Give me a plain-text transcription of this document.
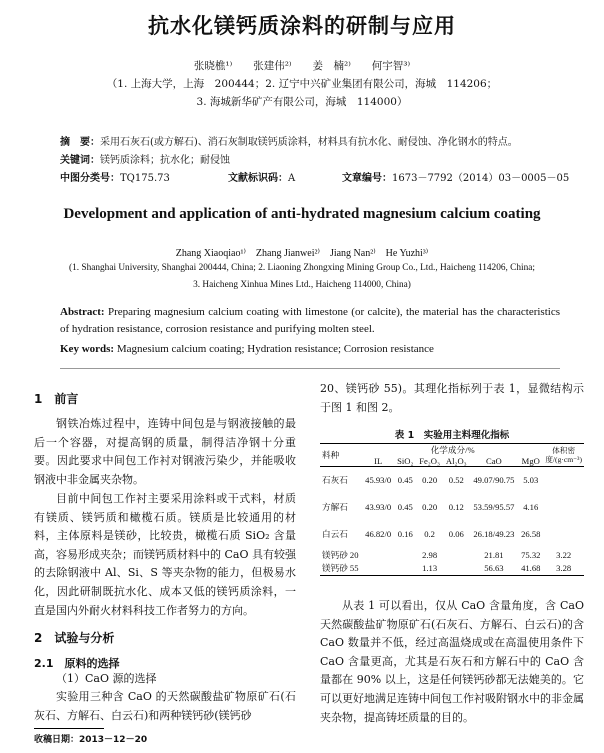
抗水化镁钙质涂料的研制与应用
张晓樵¹⁾　　张建伟²⁾　　姜　楠²⁾　　何宇智³⁾
（1. 上海大学，上海　200444；2. 辽宁中兴矿业集团有限公司，海城　114206；
3. 海城新华矿产有限公司，海城　114000）
摘　要：采用石灰石(或方解石)、消石灰制取镁钙质涂料，材料具有抗水化、耐侵蚀、净化钢水的特点。
关键词：镁钙质涂料；抗水化；耐侵蚀
中图分类号：TQ175.73	文献标识码：A	文章编号：1673－7792（2014）03－0005－05
Development and application of anti-hydrated magnesium calcium coating
Zhang Xiaoqiao¹⁾　Zhang Jianwei²⁾　Jiang Nan²⁾　He Yuzhi³⁾
(1. Shanghai University, Shanghai 200444, China; 2. Liaoning Zhongxing Mining Group Co., Ltd., Haicheng 114206, China;
3. Haicheng Xinhua Mines Ltd., Haicheng 114000, China)
Abstract: Preparing magnesium calcium coating with limestone (or calcite), the material has the characteristics of hydration resistance, corrosion resistance and purifying molten steel.
Key words: Magnesium calcium coating; Hydration resistance; Corrosion resistance
1　前言
钢铁冶炼过程中，连铸中间包是与钢液接触的最后一个容器，对提高钢的质量，制得洁净钢十分重要。因此要求中间包工作衬对钢液污染少，并能吸收钢液中非金属夹杂物。
目前中间包工作衬主要采用涂料或干式料，材质有镁质、镁钙质和橄榄石质。镁质是比较通用的材料，主体原料是镁砂，比较贵，橄榄石质 SiO₂ 含量高，容易形成夹杂；而镁钙质材料中的 CaO 具有较强的去除钢液中 Al、Si、S 等夹杂物的能力，但极易水化，因此研制既抗水化、成本又低的镁钙质涂料，一直是国内外耐火材料科技工作者努力的方向。
2　试验与分析
2.1　原料的选择
（1）CaO 源的选择
实验用三种含 CaO 的天然碳酸盐矿物原矿石(石灰石、方解石、白云石)和两种镁钙砂(镁钙砂
收稿日期：2013－12－20
20、镁钙砂 55)。其理化指标列于表 1，显微结构示于图 1 和图 2。
表 1　实验用主料理化指标
料种	化学成分/%						体积密度/(g·cm⁻³)
	IL	SiO₂	Fe₂O₃	Al₂O₃	CaO	MgO	
石灰石	45.93/0	0.45	0.20	0.52	49.07/90.75	5.03	
方解石	43.93/0	0.45	0.20	0.12	53.59/95.57	4.16	
白云石	46.82/0	0.16	0.2	0.06	26.18/49.23	26.58	
镁钙砂 20			2.98		21.81	75.32	3.22
镁钙砂 55			1.13		56.63	41.68	3.28
从表 1 可以看出，仅从 CaO 含量角度，含 CaO 天然碳酸盐矿物原矿石(石灰石、方解石、白云石)的含 CaO 数量并不低，经过高温烧成或在高温使用条件下 CaO 含量更高，尤其是石灰石和方解石中的 CaO 含量都在 90% 以上，这是任何镁钙砂都无法媲美的。它可以更好地满足连铸中间包工作衬吸附钢水中的非金属夹杂物，提高铸坯质量的目的。
